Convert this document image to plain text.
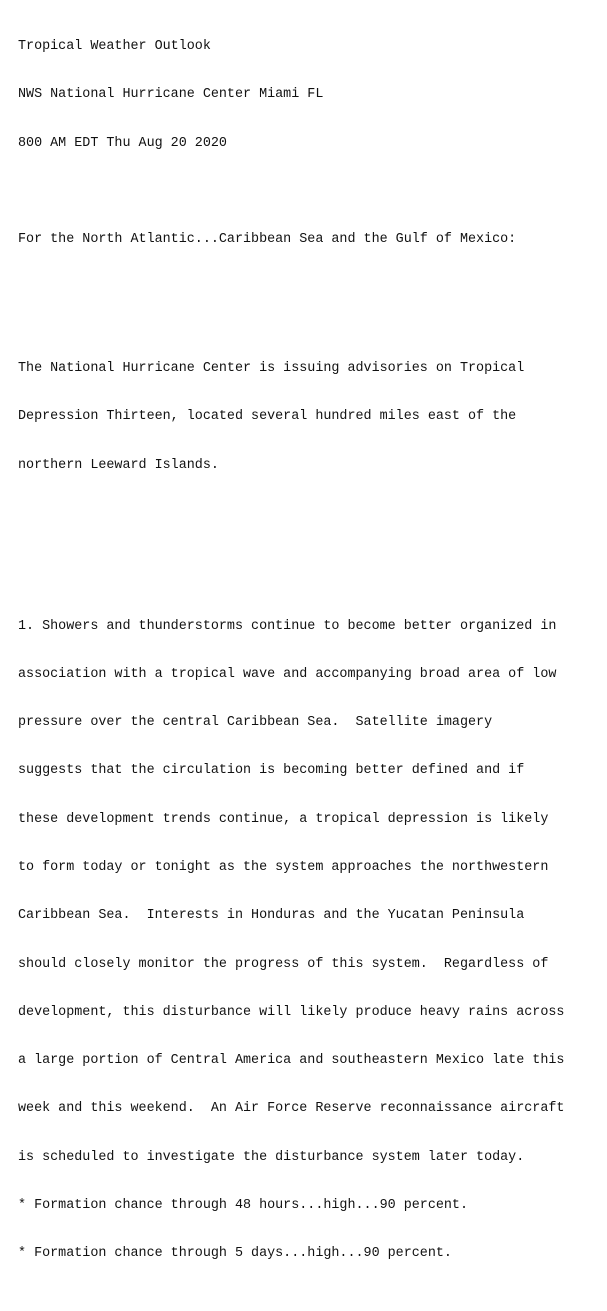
Tropical Weather Outlook

NWS National Hurricane Center Miami FL

800 AM EDT Thu Aug 20 2020

For the North Atlantic...Caribbean Sea and the Gulf of Mexico:

The National Hurricane Center is issuing advisories on Tropical

Depression Thirteen, located several hundred miles east of the

northern Leeward Islands.

1. Showers and thunderstorms continue to become better organized in

association with a tropical wave and accompanying broad area of low

pressure over the central Caribbean Sea.  Satellite imagery

suggests that the circulation is becoming better defined and if

these development trends continue, a tropical depression is likely

to form today or tonight as the system approaches the northwestern

Caribbean Sea.  Interests in Honduras and the Yucatan Peninsula

should closely monitor the progress of this system.  Regardless of

development, this disturbance will likely produce heavy rains across

a large portion of Central America and southeastern Mexico late this

week and this weekend.  An Air Force Reserve reconnaissance aircraft

is scheduled to investigate the disturbance system later today.

* Formation chance through 48 hours...high...90 percent.

* Formation chance through 5 days...high...90 percent.
